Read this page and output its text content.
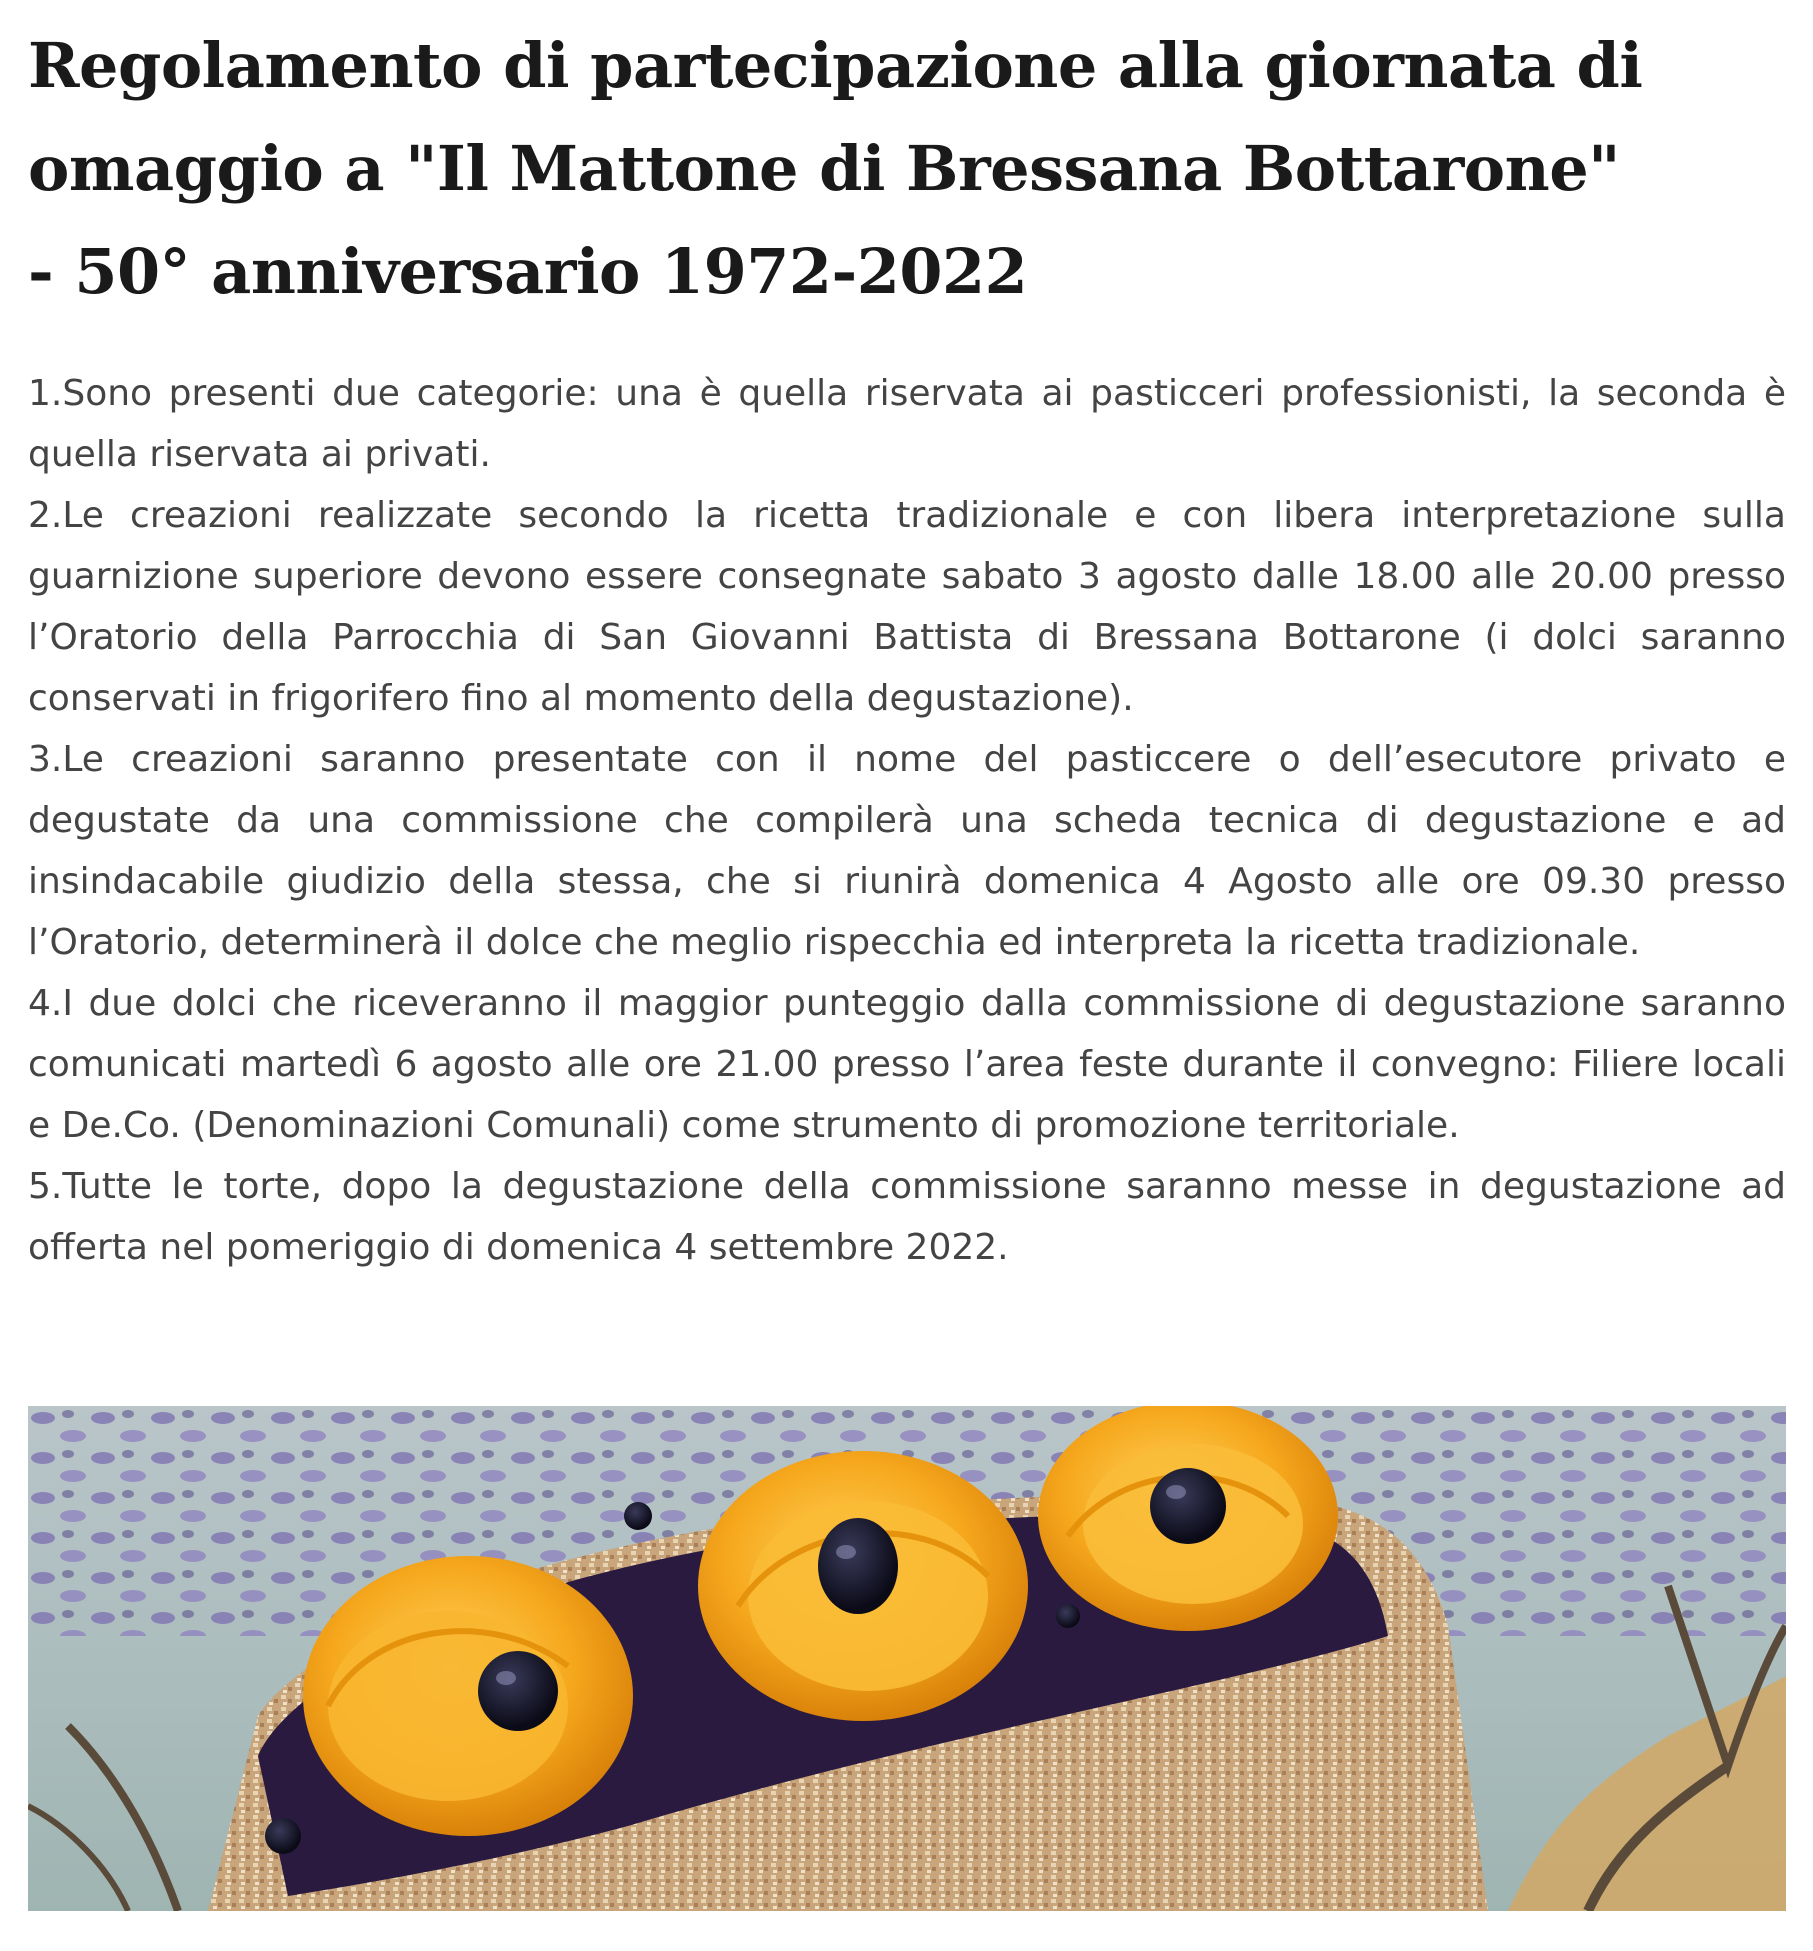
Regolamento di partecipazione alla giornata di
omaggio a "Il Mattone di Bressana Bottarone"
- 50° anniversario 1972-2022

1.Sono presenti due categorie: una è quella riservata ai pasticceri professionisti, la seconda è quella riservata ai privati.

2.Le creazioni realizzate secondo la ricetta tradizionale e con libera interpretazione sulla guarnizione superiore devono essere consegnate sabato 3 agosto dalle 18.00 alle 20.00 presso l’Oratorio della Parrocchia di San Giovanni Battista di Bressana Bottarone (i dolci saranno conservati in frigorifero fino al momento della degustazione).

3.Le creazioni saranno presentate con il nome del pasticcere o dell’esecutore privato e degustate da una commissione che compilerà una scheda tecnica di degustazione e ad insindacabile giudizio della stessa, che si riunirà domenica 4 Agosto alle ore 09.30 presso l’Oratorio, determinerà il dolce che meglio rispecchia ed interpreta la ricetta tradizionale.

4.I due dolci che riceveranno il maggior punteggio dalla commissione di degustazione saranno comunicati martedì 6 agosto alle ore 21.00 presso l’area feste durante il convegno: Filiere locali e De.Co. (Denominazioni Comunali) come strumento di promozione territoriale.

5.Tutte le torte, dopo la degustazione della commissione saranno messe in degustazione ad offerta nel pomeriggio di domenica 4 settembre 2022.
